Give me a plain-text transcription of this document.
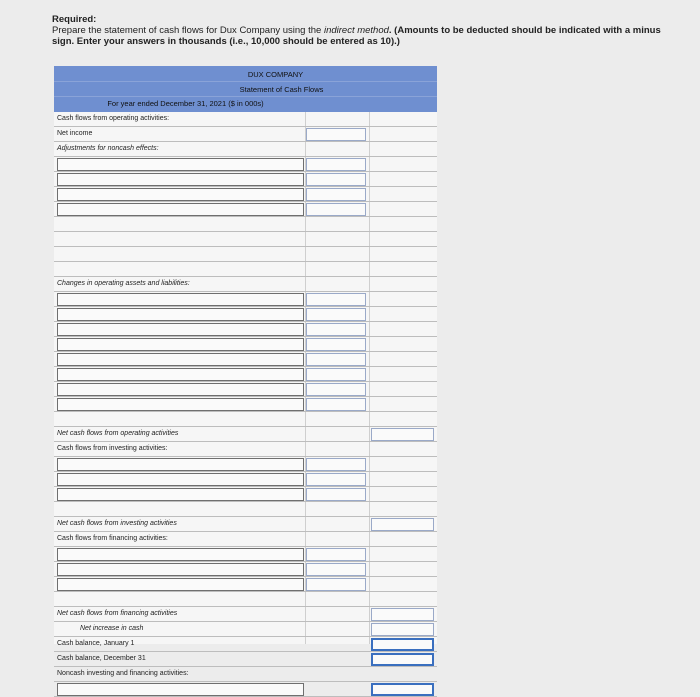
Required:
Prepare the statement of cash flows for Dux Company using the indirect method. (Amounts to be deducted should be indicated with a minus sign. Enter your answers in thousands (i.e., 10,000 should be entered as 10).)
DUX COMPANY
Statement of Cash Flows
For year ended December 31, 2021 ($ in 000s)
Cash flows from operating activities:
Net income
Adjustments for noncash effects:
Changes in operating assets and liabilities:
Net cash flows from operating activities
Cash flows from investing activities:
Net cash flows from investing activities
Cash flows from financing activities:
Net cash flows from financing activities
Net increase in cash
Cash balance, January 1
Cash balance, December 31
Noncash investing and financing activities:
